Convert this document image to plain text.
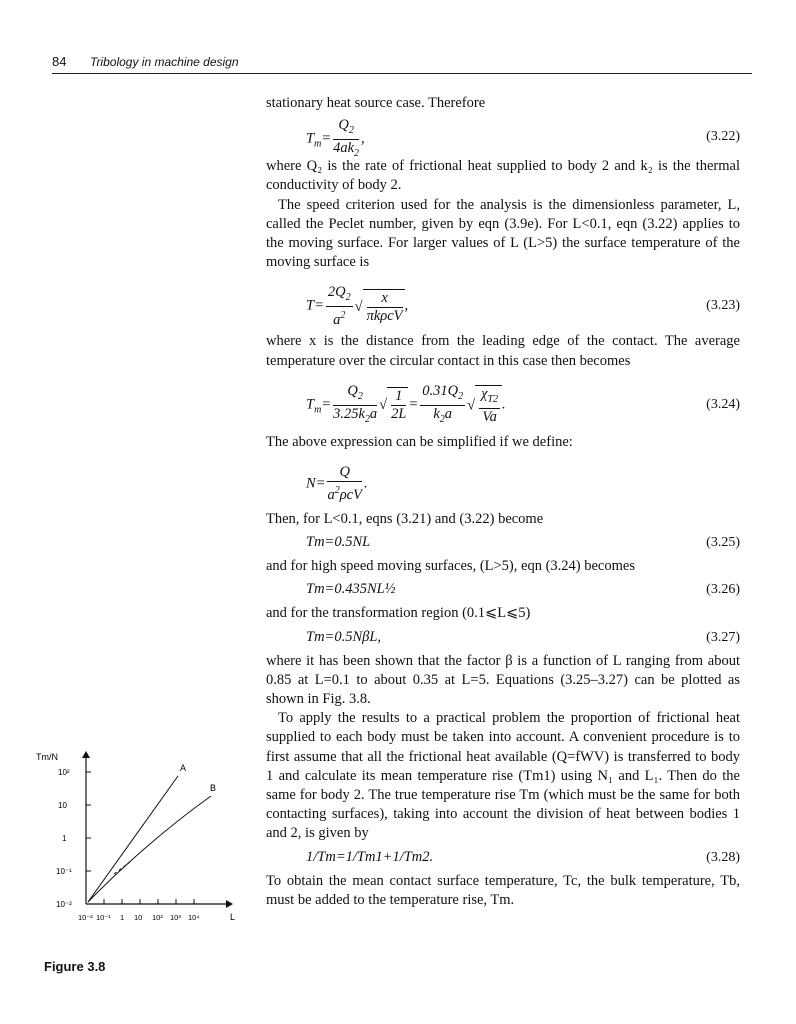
84 Tribology in machine design

stationary heat source case. Therefore

$T_m= \frac{Q_2}{4ak_2}$ ,	(3.22)

where Q₂ is the rate of frictional heat supplied to body 2 and k₂ is the thermal conductivity of body 2.

The speed criterion used for the analysis is the dimensionless parameter, L, called the Peclet number, given by eqn (3.9e). For L<0.1, eqn (3.22) applies to the moving surface. For larger values of L (L>5) the surface temperature of the moving surface is

$T= \frac{2Q_2}{a^2}$ √ $\frac{x}{\text{πkρcV}}$ ,	(3.23)

where x is the distance from the leading edge of the contact. The average temperature over the circular contact in this case then becomes

$T_m= \frac{Q_2}{3.25k_2a}$ √ $\frac{1}{2L} = \frac{0.31Q_2}{k_2a}$ √ $\frac{\chi_{T2}}{Va}$ .	(3.24)

The above expression can be simplified if we define:

$N= \frac{Q}{a^2\rho cV}$ .

Then, for L<0.1, eqns (3.21) and (3.22) become

Tm=0.5NL	(3.25)

and for high speed moving surfaces, (L>5), eqn (3.24) becomes

Tm=0.435NL½	(3.26)

and for the transformation region (0.1⩽L⩽5)

Tm=0.5NβL,	(3.27)

where it has been shown that the factor β is a function of L ranging from about 0.85 at L=0.1 to about 0.35 at L=5. Equations (3.25–3.27) can be plotted as shown in Fig. 3.8.

To apply the results to a practical problem the proportion of frictional heat supplied to each body must be taken into account. A convenient procedure is to first assume that all the frictional heat available (Q=fWV) is transferred to body 1 and calculate its mean temperature rise (Tm1) using N₁ and L₁. Then do the same for body 2. The true temperature rise Tm (which must be the same for both contacting surfaces), taking into account the division of heat between bodies 1 and 2, is given by

1/Tm=1/Tm1+1/Tm2.	(3.28)

To obtain the mean contact surface temperature, Tc, the bulk temperature, Tb, must be added to the temperature rise, Tm.

Tm/N
L
10²
10
1
10⁻¹
10⁻²
10⁻² 10⁻¹ 1 10 10² 10³ 10⁴
A
B
Figure 3.8
